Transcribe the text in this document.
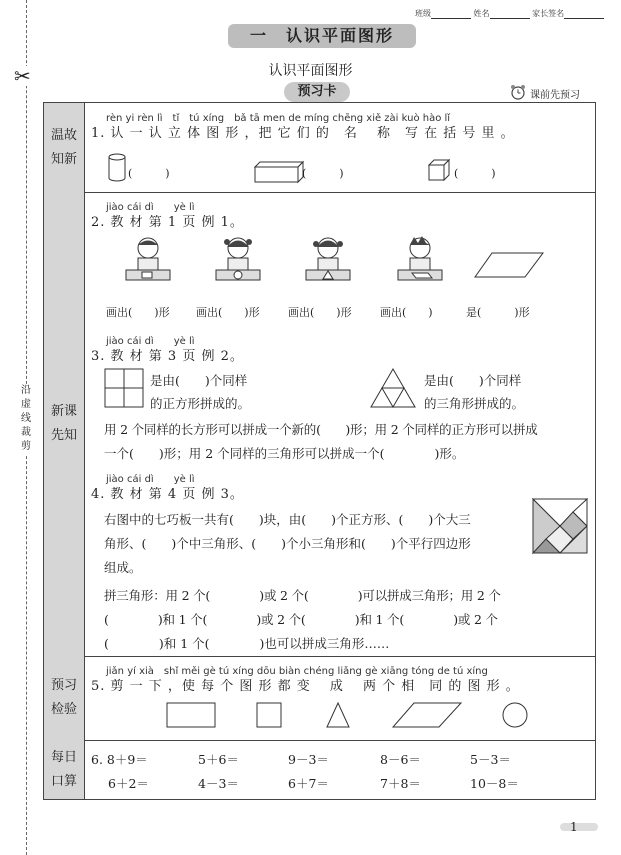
班级	姓名	家长签名
一　认识平面图形
认识平面图形
预习卡	课前先预习
✂
沿虚线裁剪
温故
知新
rèn yi rèn lì　tǐ　tú xíng　bǎ tā men de míng chēng xiě zài kuò hào lǐ
1. 认 一 认 立 体 图 形 ，把 它 们 的　名　 称　写 在 括 号 里 。
(　　　)	(　　　)	(　　　)
新课
先知
jiào cái dì　　yè lì
2. 教 材 第 1 页 例 1。
画出(　　)形 画出(　　)形	画出(　　)形	画出(　　)	是(　　　)形
jiào cái dì　　yè lì
3. 教 材 第 3 页 例 2。
是由(　　)个同样
的正方形拼成的。
是由(　　)个同样
的三角形拼成的。
用 2 个同样的长方形可以拼成一个新的(　　)形；用 2 个同样的正方形可以拼成
一个(　　)形；用 2 个同样的三角形可以拼成一个(　　　　)形。
jiào cái dì　　yè lì
4. 教 材 第 4 页 例 3。
右图中的七巧板一共有(　　)块，由(　　)个正方形、(　　)个大三
角形、(　　)个中三角形、(　　)个小三角形和(　　)个平行四边形
组成。
拼三角形：用 2 个(　　　　)或 2 个(　　　　)可以拼成三角形；用 2 个
(　　　　)和 1 个(　　　　)或 2 个(　　　　)和 1 个(　　　　)或 2 个
(　　　　)和 1 个(　　　　)也可以拼成三角形……
预习
检验
jiǎn yí xià　shǐ měi gè tú xíng dōu biàn chéng liǎng gè xiāng tóng de tú xíng
5. 剪 一 下 ，使 每 个 图 形 都 变　 成　 两 个 相　同 的 图 形 。
每日
口算
6. 8＋9＝	5＋6＝	9－3＝	8－6＝	5－3＝
6＋2＝	4－3＝	6＋7＝	7＋8＝	10－8＝
1
